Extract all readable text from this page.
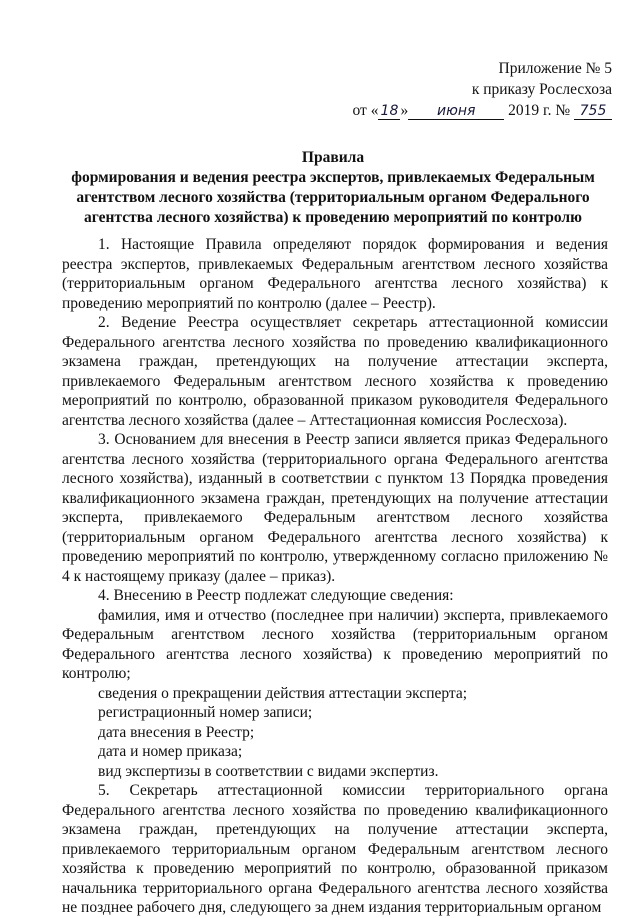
Приложение № 5
к приказу Рослесхоза
от « 18 » июня 2019 г. № 755
Правила
формирования и ведения реестра экспертов, привлекаемых Федеральным агентством лесного хозяйства (территориальным органом Федерального агентства лесного хозяйства) к проведению мероприятий по контролю

1. Настоящие Правила определяют порядок формирования и ведения реестра экспертов, привлекаемых Федеральным агентством лесного хозяйства (территориальным органом Федерального агентства лесного хозяйства) к проведению мероприятий по контролю (далее – Реестр).

2. Ведение Реестра осуществляет секретарь аттестационной комиссии Федерального агентства лесного хозяйства по проведению квалификационного экзамена граждан, претендующих на получение аттестации эксперта, привлекаемого Федеральным агентством лесного хозяйства к проведению мероприятий по контролю, образованной приказом руководителя Федерального агентства лесного хозяйства (далее – Аттестационная комиссия Рослесхоза).

3. Основанием для внесения в Реестр записи является приказ Федерального агентства лесного хозяйства (территориального органа Федерального агентства лесного хозяйства), изданный в соответствии с пунктом 13 Порядка проведения квалификационного экзамена граждан, претендующих на получение аттестации эксперта, привлекаемого Федеральным агентством лесного хозяйства (территориальным органом Федерального агентства лесного хозяйства) к проведению мероприятий по контролю, утвержденному согласно приложению № 4 к настоящему приказу (далее – приказ).

4. Внесению в Реестр подлежат следующие сведения:

фамилия, имя и отчество (последнее при наличии) эксперта, привлекаемого Федеральным агентством лесного хозяйства (территориальным органом Федерального агентства лесного хозяйства) к проведению мероприятий по контролю;

сведения о прекращении действия аттестации эксперта;

регистрационный номер записи;

дата внесения в Реестр;

дата и номер приказа;

вид экспертизы в соответствии с видами экспертиз.

5. Секретарь аттестационной комиссии территориального органа Федерального агентства лесного хозяйства по проведению квалификационного экзамена граждан, претендующих на получение аттестации эксперта, привлекаемого территориальным органом Федеральным агентством лесного хозяйства к проведению мероприятий по контролю, образованной приказом начальника территориального органа Федерального агентства лесного хозяйства не позднее рабочего дня, следующего за днем издания территориальным органом
